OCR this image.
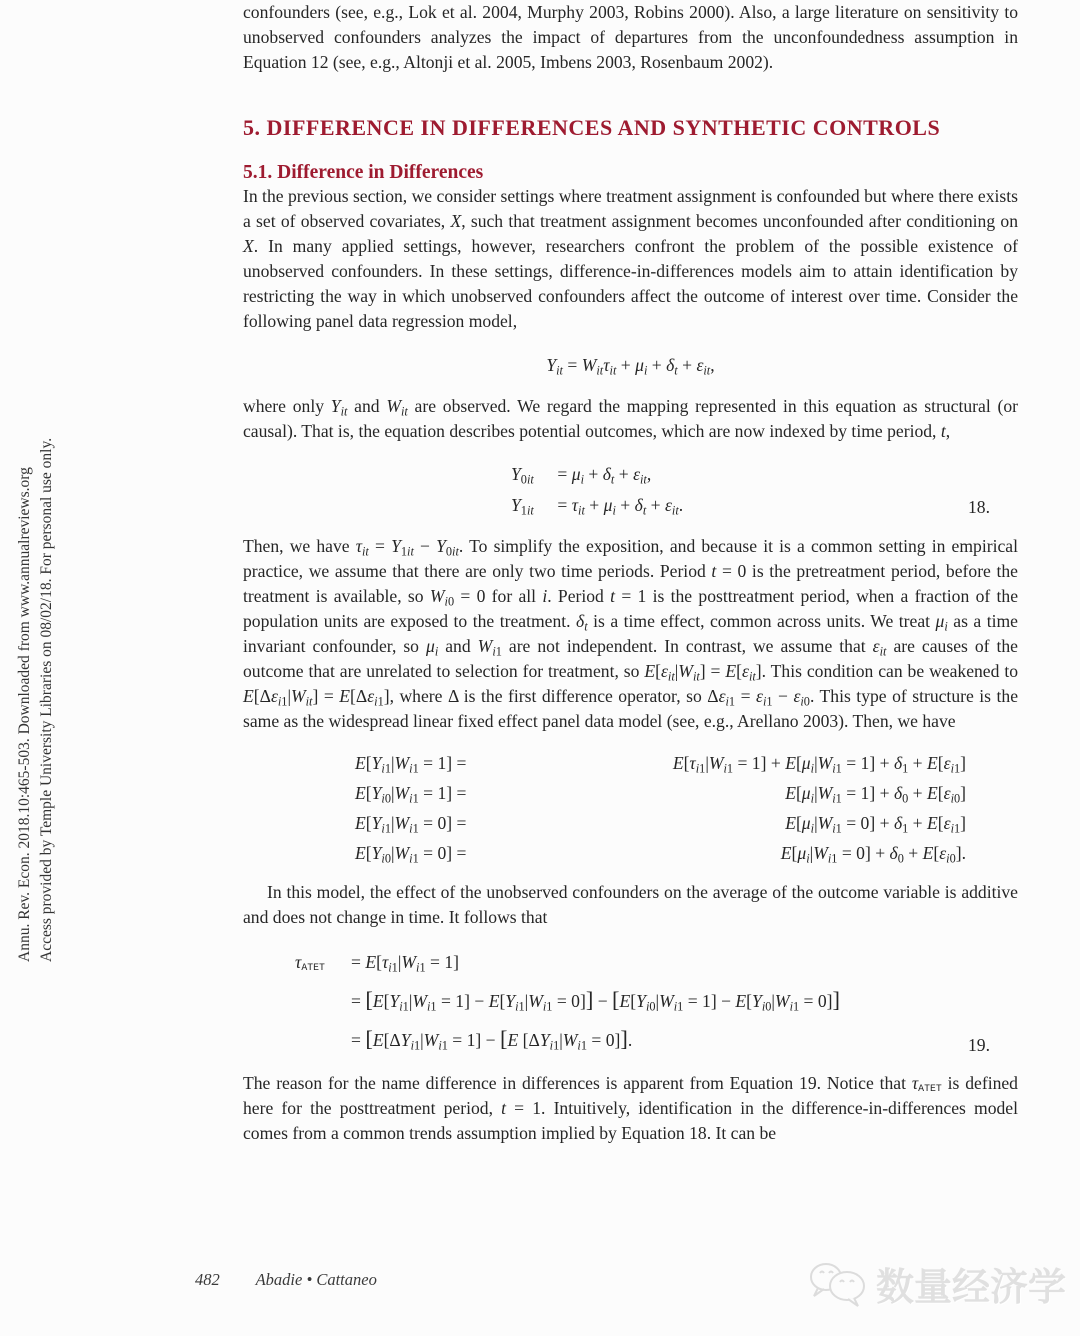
Annu. Rev. Econ. 2018.10:465-503. Downloaded from www.annualreviews.org Access provided by Temple University Libraries on 08/02/18. For personal use only.

confounders (see, e.g., Lok et al. 2004, Murphy 2003, Robins 2000). Also, a large literature on sensitivity to unobserved confounders analyzes the impact of departures from the unconfoundedness assumption in Equation 12 (see, e.g., Altonji et al. 2005, Imbens 2003, Rosenbaum 2002).

5. DIFFERENCE IN DIFFERENCES AND SYNTHETIC CONTROLS
5.1. Difference in Differences

In the previous section, we consider settings where treatment assignment is confounded but where there exists a set of observed covariates, X, such that treatment assignment becomes unconfounded after conditioning on X. In many applied settings, however, researchers confront the problem of the possible existence of unobserved confounders. In these settings, difference-in-differences models aim to attain identification by restricting the way in which unobserved confounders affect the outcome of interest over time. Consider the following panel data regression model,

$Y_{it} = W_{it}\tau_{it} + \mu_i + \delta_t + \varepsilon_{it}$,

where only $Y_{it}$ and $W_{it}$ are observed. We regard the mapping represented in this equation as structural (or causal). That is, the equation describes potential outcomes, which are now indexed by time period, t,

$Y_{0it} = \mu_i + \delta_t + \varepsilon_{it}$,
$Y_{1it} = \tau_{it} + \mu_i + \delta_t + \varepsilon_{it}$.	18.

Then, we have $\tau_{it} = Y_{1it} - Y_{0it}$. To simplify the exposition, and because it is a common setting in empirical practice, we assume that there are only two time periods. Period t = 0 is the pretreatment period, before the treatment is available, so $W_{i0} = 0$ for all i. Period t = 1 is the posttreatment period, when a fraction of the population units are exposed to the treatment. $\delta_t$ is a time effect, common across units. We treat $\mu_i$ as a time invariant confounder, so $\mu_i$ and $W_{i1}$ are not independent. In contrast, we assume that $\varepsilon_{it}$ are causes of the outcome that are unrelated to selection for treatment, so $E[\varepsilon_{it}|W_{it}] = E[\varepsilon_{it}]$. This condition can be weakened to $E[\Delta\varepsilon_{i1}|W_{it}] = E[\Delta\varepsilon_{i1}]$, where Δ is the first difference operator, so $\Delta\varepsilon_{i1} = \varepsilon_{i1} - \varepsilon_{i0}$. This type of structure is the same as the widespread linear fixed effect panel data model (see, e.g., Arellano 2003). Then, we have

$E[Y_{i1}|W_{i1} = 1]$ =	$E[\tau_{i1}|W_{i1} = 1] + E[\mu_i|W_{i1} = 1] + \delta_1 + E[\varepsilon_{i1}]$
$E[Y_{i0}|W_{i1} = 1]$ =	$E[\mu_i|W_{i1} = 1] + \delta_0 + E[\varepsilon_{i0}]$
$E[Y_{i1}|W_{i1} = 0]$ =	$E[\mu_i|W_{i1} = 0] + \delta_1 + E[\varepsilon_{i1}]$
$E[Y_{i0}|W_{i1} = 0]$ =	$E[\mu_i|W_{i1} = 0] + \delta_0 + E[\varepsilon_{i0}]$.

In this model, the effect of the unobserved confounders on the average of the outcome variable is additive and does not change in time. It follows that

$\tau_{ATET}$	= $E[\tau_{i1}|W_{i1} = 1]$
= $[E[Y_{i1}|W_{i1} = 1] - E[Y_{i1}|W_{i1} = 0]] - [E[Y_{i0}|W_{i1} = 1] - E[Y_{i0}|W_{i1} = 0]]$
= [$E[\Delta Y_{i1}|W_{i1} = 1] - [E$ $[\Delta Y_{i1}|W_{i1} = 0]$].	19.

The reason for the name difference in differences is apparent from Equation 19. Notice that $\tau_{ATET}$ is defined here for the posttreatment period, t = 1. Intuitively, identification in the difference-in-differences model comes from a common trends assumption implied by Equation 18. It can be

482 Abadie • Cattaneo	数量经济学
